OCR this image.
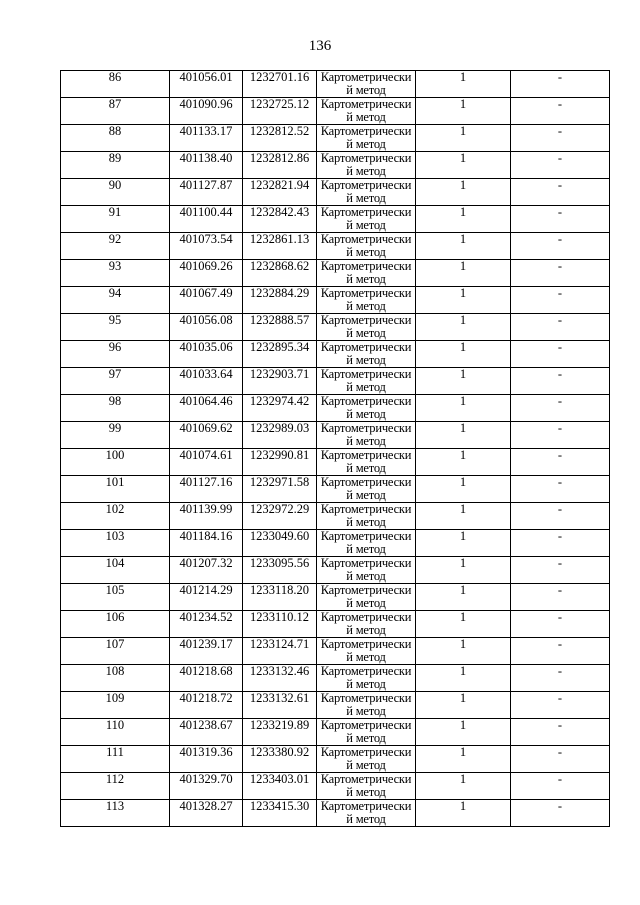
136
86	401056.01	1232701.16	Картометрически й метод	1	-
87	401090.96	1232725.12	Картометрически й метод	1	-
88	401133.17	1232812.52	Картометрически й метод	1	-
89	401138.40	1232812.86	Картометрически й метод	1	-
90	401127.87	1232821.94	Картометрически й метод	1	-
91	401100.44	1232842.43	Картометрически й метод	1	-
92	401073.54	1232861.13	Картометрически й метод	1	-
93	401069.26	1232868.62	Картометрически й метод	1	-
94	401067.49	1232884.29	Картометрически й метод	1	-
95	401056.08	1232888.57	Картометрически й метод	1	-
96	401035.06	1232895.34	Картометрически й метод	1	-
97	401033.64	1232903.71	Картометрически й метод	1	-
98	401064.46	1232974.42	Картометрически й метод	1	-
99	401069.62	1232989.03	Картометрически й метод	1	-
100	401074.61	1232990.81	Картометрически й метод	1	-
101	401127.16	1232971.58	Картометрически й метод	1	-
102	401139.99	1232972.29	Картометрически й метод	1	-
103	401184.16	1233049.60	Картометрически й метод	1	-
104	401207.32	1233095.56	Картометрически й метод	1	-
105	401214.29	1233118.20	Картометрически й метод	1	-
106	401234.52	1233110.12	Картометрически й метод	1	-
107	401239.17	1233124.71	Картометрически й метод	1	-
108	401218.68	1233132.46	Картометрически й метод	1	-
109	401218.72	1233132.61	Картометрически й метод	1	-
110	401238.67	1233219.89	Картометрически й метод	1	-
111	401319.36	1233380.92	Картометрически й метод	1	-
112	401329.70	1233403.01	Картометрически й метод	1	-
113	401328.27	1233415.30	Картометрически й метод	1	-
